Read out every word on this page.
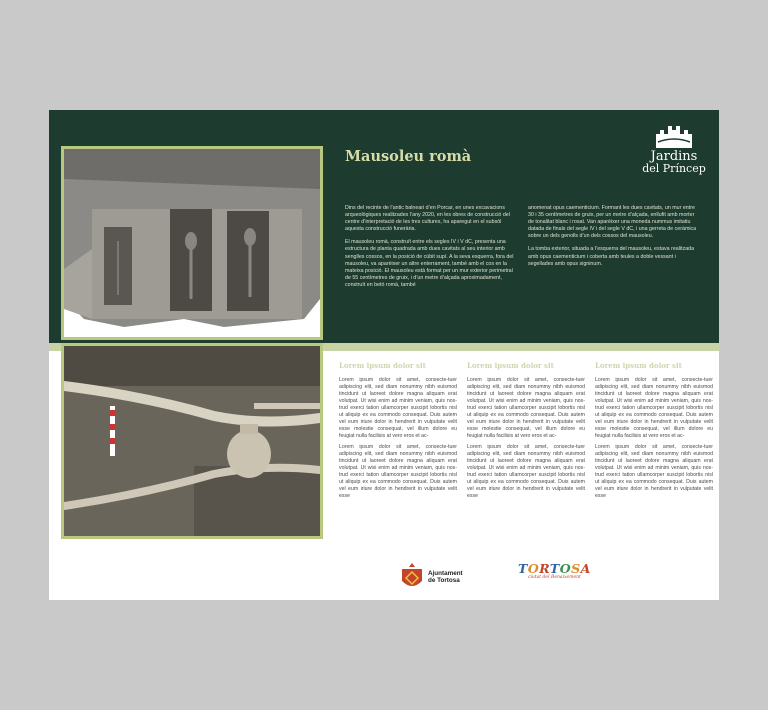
Mausoleu romà	Jardins
del Príncep

Dins del recinte de l’antic balneari d’en Porcar, en unes excavacions arqueològiques realitzades l’any 2020, en les obres de construcció del centre d’interpretació de les tres cultures, ha aparegut en el subsòl aquesta construcció funerària.

El mausoleu romà, construït entre els segles IV i V dC, presenta una estructura de planta quadrada amb dues cavitats al seu interior amb senglles cossos, en la posició de cúbit supí. A la seva esquerra, fora del mausoleu, va aparèixer un altre enterrament, també amb el cos en la mateixa posició. El mausoleu està format per un mur exterior perimetral de 55 centímetres de gruix, i d’un metre d’alçada aproximadament, construït en betó romà, també

anomenat opus caementicium. Formant les dues cavitats, un mur entre 30 i 35 centímetres de gruix, per un metre d’alçada, enllufit amb morter de tonalitat blanc i rosat. Van aparèixer una moneda nummus imitatiu datada de finals del segle IV i del segle V dC, i una gerreta de ceràmica sobre un dels genolls d’un dels cossos del mausoleu.

La tomba exterior, situada a l’esquerra del mausoleu, estava realitzada amb opus caementicium i coberta amb teules a doble vessant i segellades amb opus signinum.

Lorem ipsum dolor sit

Lorem ipsum dolor sit amet, consecte-tuer adipiscing elit, sed diam nonummy nibh euismod tincidunt ut laoreet dolore magna aliquam erat volutpat. Ut wisi enim ad minim veniam, quis nos-trud exerci tation ullamcorper suscipit lobortis nisl ut aliquip ex ea commodo consequat. Duis autem vel eum iriure dolor in hendrerit in vulputate velit esse molestie consequat, vel illum dolore eu feugiat nulla facilisis at vero eros et ac-

Lorem ipsum dolor sit amet, consecte-tuer adipiscing elit, sed diam nonummy nibh euismod tincidunt ut laoreet dolore magna aliquam erat volutpat. Ut wisi enim ad minim veniam, quis nos-trud exerci tation ullamcorper suscipit lobortis nisl ut aliquip ex ea commodo consequat. Duis autem vel eum iriure dolor in hendrerit in vulputate velit esse

Lorem ipsum dolor sit

Lorem ipsum dolor sit amet, consecte-tuer adipiscing elit, sed diam nonummy nibh euismod tincidunt ut laoreet dolore magna aliquam erat volutpat. Ut wisi enim ad minim veniam, quis nos-trud exerci tation ullamcorper suscipit lobortis nisl ut aliquip ex ea commodo consequat. Duis autem vel eum iriure dolor in hendrerit in vulputate velit esse molestie consequat, vel illum dolore eu feugiat nulla facilisis at vero eros et ac-

Lorem ipsum dolor sit amet, consecte-tuer adipiscing elit, sed diam nonummy nibh euismod tincidunt ut laoreet dolore magna aliquam erat volutpat. Ut wisi enim ad minim veniam, quis nos-trud exerci tation ullamcorper suscipit lobortis nisl ut aliquip ex ea commodo consequat. Duis autem vel eum iriure dolor in hendrerit in vulputate velit esse

Lorem ipsum dolor sit

Lorem ipsum dolor sit amet, consecte-tuer adipiscing elit, sed diam nonummy nibh euismod tincidunt ut laoreet dolore magna aliquam erat volutpat. Ut wisi enim ad minim veniam, quis nos-trud exerci tation ullamcorper suscipit lobortis nisl ut aliquip ex ea commodo consequat. Duis autem vel eum iriure dolor in hendrerit in vulputate velit esse molestie consequat, vel illum dolore eu feugiat nulla facilisis at vero eros et ac-

Lorem ipsum dolor sit amet, consecte-tuer adipiscing elit, sed diam nonummy nibh euismod tincidunt ut laoreet dolore magna aliquam erat volutpat. Ut wisi enim ad minim veniam, quis nos-trud exerci tation ullamcorper suscipit lobortis nisl ut aliquip ex ea commodo consequat. Duis autem vel eum iriure dolor in hendrerit in vulputate velit esse

Ajuntament
de Tortosa
TORTOSA
ciutat del Renaixement
